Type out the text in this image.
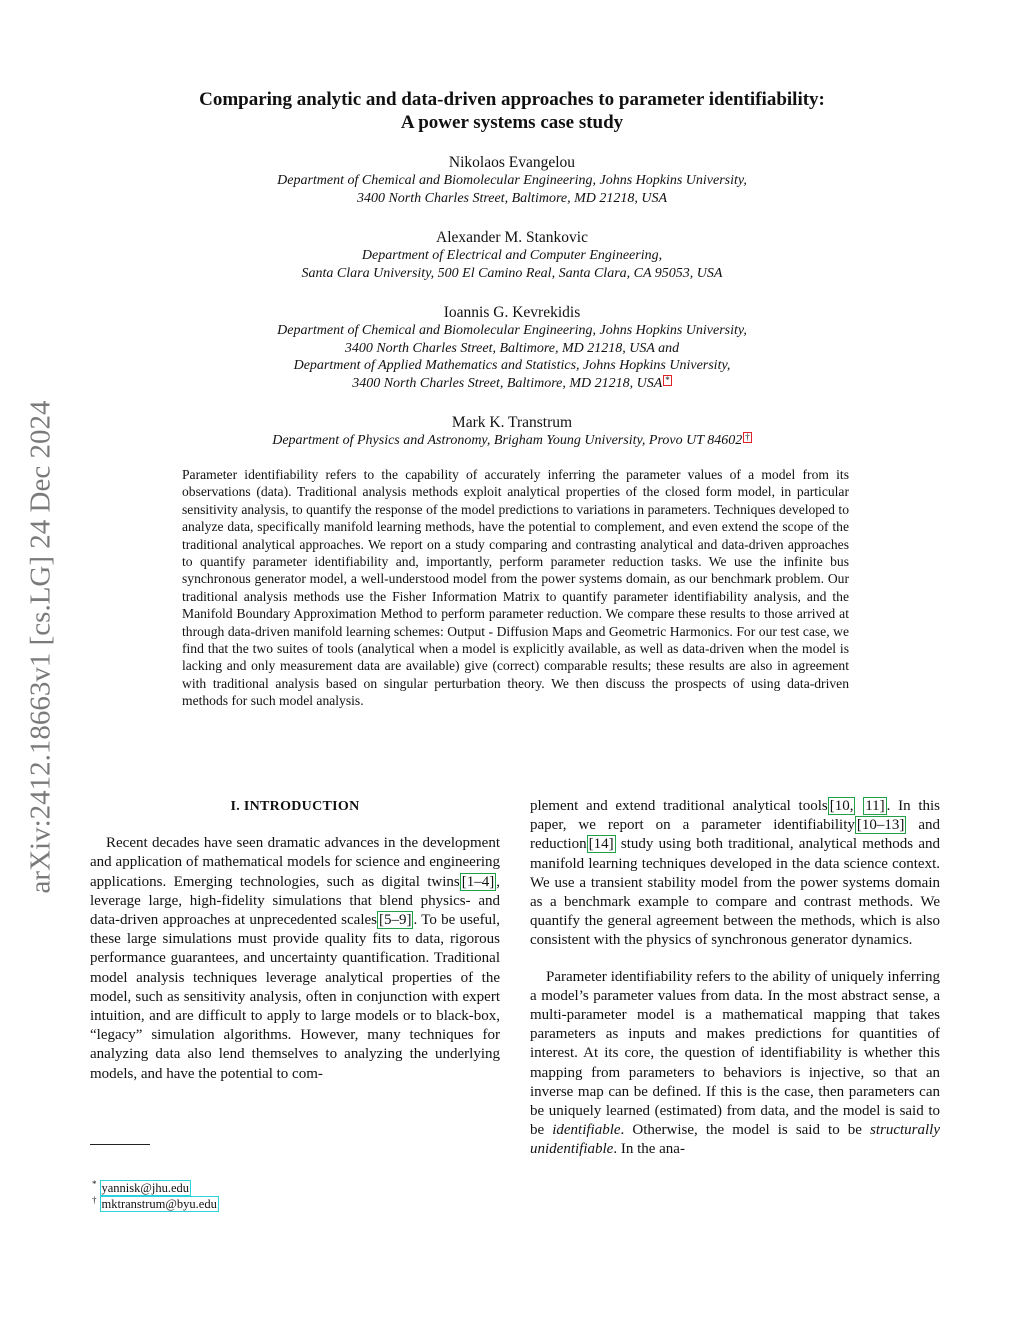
arXiv:2412.18663v1 [cs.LG] 24 Dec 2024
Comparing analytic and data-driven approaches to parameter identifiability:
A power systems case study
Nikolaos Evangelou
Department of Chemical and Biomolecular Engineering, Johns Hopkins University,
3400 North Charles Street, Baltimore, MD 21218, USA
Alexander M. Stankovic
Department of Electrical and Computer Engineering,
Santa Clara University, 500 El Camino Real, Santa Clara, CA 95053, USA
Ioannis G. Kevrekidis
Department of Chemical and Biomolecular Engineering, Johns Hopkins University,
3400 North Charles Street, Baltimore, MD 21218, USA and
Department of Applied Mathematics and Statistics, Johns Hopkins University,
3400 North Charles Street, Baltimore, MD 21218, USA *
Mark K. Transtrum
Department of Physics and Astronomy, Brigham Young University, Provo UT 84602 †
Parameter identifiability refers to the capability of accurately inferring the parameter values of a model from its observations (data). Traditional analysis methods exploit analytical properties of the closed form model, in particular sensitivity analysis, to quantify the response of the model predictions to variations in parameters. Techniques developed to analyze data, specifically manifold learning methods, have the potential to complement, and even extend the scope of the traditional analytical approaches. We report on a study comparing and contrasting analytical and data-driven approaches to quantify parameter identifiability and, importantly, perform parameter reduction tasks. We use the infinite bus synchronous generator model, a well-understood model from the power systems domain, as our benchmark problem. Our traditional analysis methods use the Fisher Information Matrix to quantify parameter identifiability analysis, and the Manifold Boundary Approximation Method to perform parameter reduction. We compare these results to those arrived at through data-driven manifold learning schemes: Output - Diffusion Maps and Geometric Harmonics. For our test case, we find that the two suites of tools (analytical when a model is explicitly available, as well as data-driven when the model is lacking and only measurement data are available) give (correct) comparable results; these results are also in agreement with traditional analysis based on singular perturbation theory. We then discuss the prospects of using data-driven methods for such model analysis.
I. INTRODUCTION

Recent decades have seen dramatic advances in the development and application of mathematical models for science and engineering applications. Emerging technologies, such as digital twins [1–4] , leverage large, high-fidelity simulations that blend physics- and data-driven approaches at unprecedented scales [5–9] . To be useful, these large simulations must provide quality fits to data, rigorous performance guarantees, and uncertainty quantification. Traditional model analysis techniques leverage analytical properties of the model, such as sensitivity analysis, often in conjunction with expert intuition, and are difficult to apply to large models or to black-box, “legacy” simulation algorithms. However, many techniques for analyzing data also lend themselves to analyzing the underlying models, and have the potential to com-

plement and extend traditional analytical tools [10, 11] . In this paper, we report on a parameter identifiability [10–13] and reduction [14] study using both traditional, analytical methods and manifold learning techniques developed in the data science context. We use a transient stability model from the power systems domain as a benchmark example to compare and contrast methods. We quantify the general agreement between the methods, which is also consistent with the physics of synchronous generator dynamics.

Parameter identifiability refers to the ability of uniquely inferring a model’s parameter values from data. In the most abstract sense, a multi-parameter model is a mathematical mapping that takes parameters as inputs and makes predictions for quantities of interest. At its core, the question of identifiability is whether this mapping from parameters to behaviors is injective, so that an inverse map can be defined. If this is the case, then parameters can be uniquely learned (estimated) from data, and the model is said to be identifiable. Otherwise, the model is said to be structurally unidentifiable. In the ana-

* yannisk@jhu.edu
† mktranstrum@byu.edu
